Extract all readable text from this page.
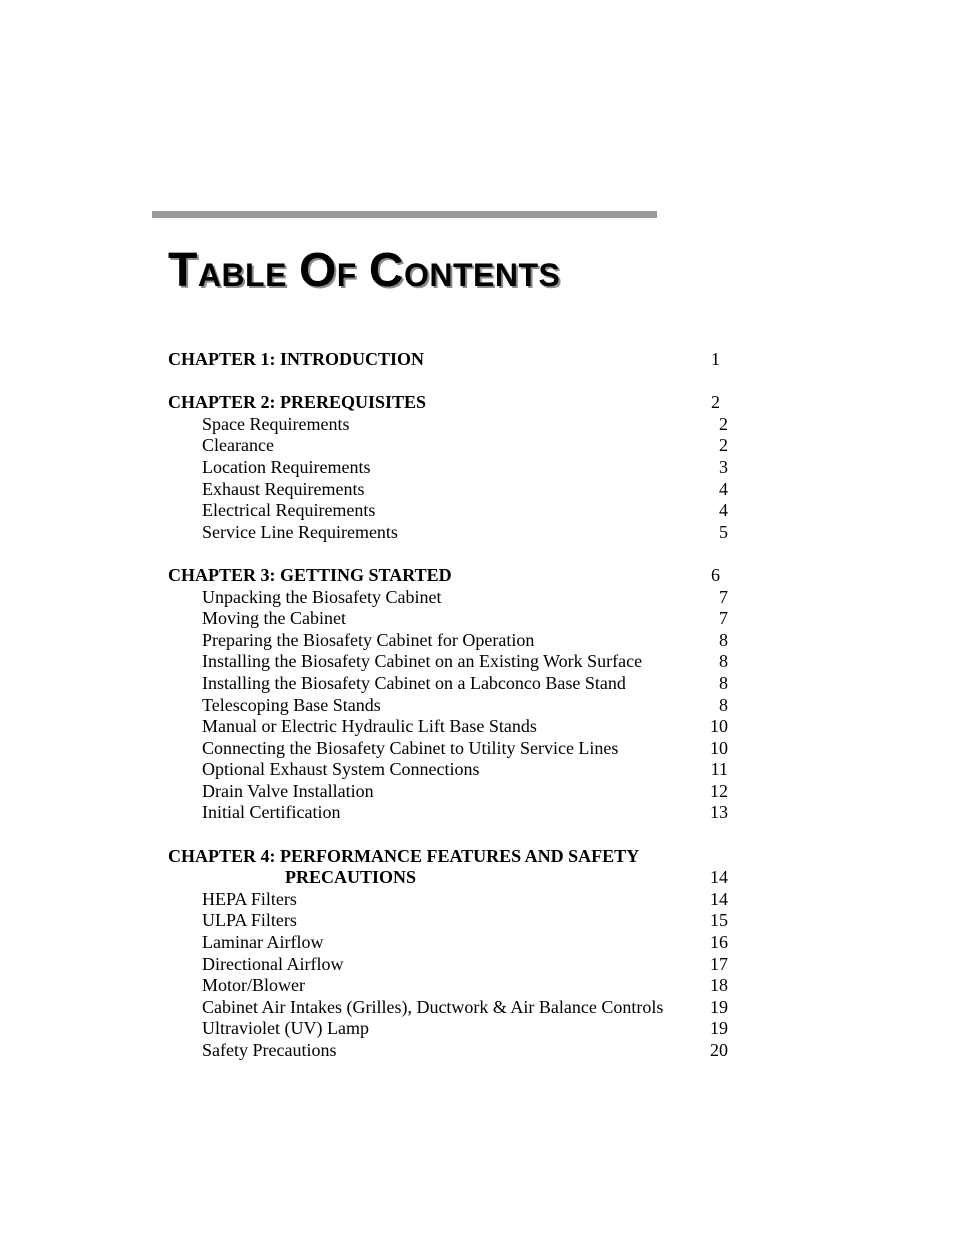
TABLE OF CONTENTS
CHAPTER 1: INTRODUCTION	1
CHAPTER 2: PREREQUISITES	2
Space Requirements	2
Clearance	2
Location Requirements	3
Exhaust Requirements	4
Electrical Requirements	4
Service Line Requirements	5
CHAPTER 3: GETTING STARTED	6
Unpacking the Biosafety Cabinet	7
Moving the Cabinet	7
Preparing the Biosafety Cabinet for Operation	8
Installing the Biosafety Cabinet on an Existing Work Surface	8
Installing the Biosafety Cabinet on a Labconco Base Stand	8
Telescoping Base Stands	8
Manual or Electric Hydraulic Lift Base Stands	10
Connecting the Biosafety Cabinet to Utility Service Lines	10
Optional Exhaust System Connections	11
Drain Valve Installation	12
Initial Certification	13
CHAPTER 4: PERFORMANCE FEATURES AND SAFETY
PRECAUTIONS	14
HEPA Filters	14
ULPA Filters	15
Laminar Airflow	16
Directional Airflow	17
Motor/Blower	18
Cabinet Air Intakes (Grilles), Ductwork & Air Balance Controls	19
Ultraviolet (UV) Lamp	19
Safety Precautions	20
